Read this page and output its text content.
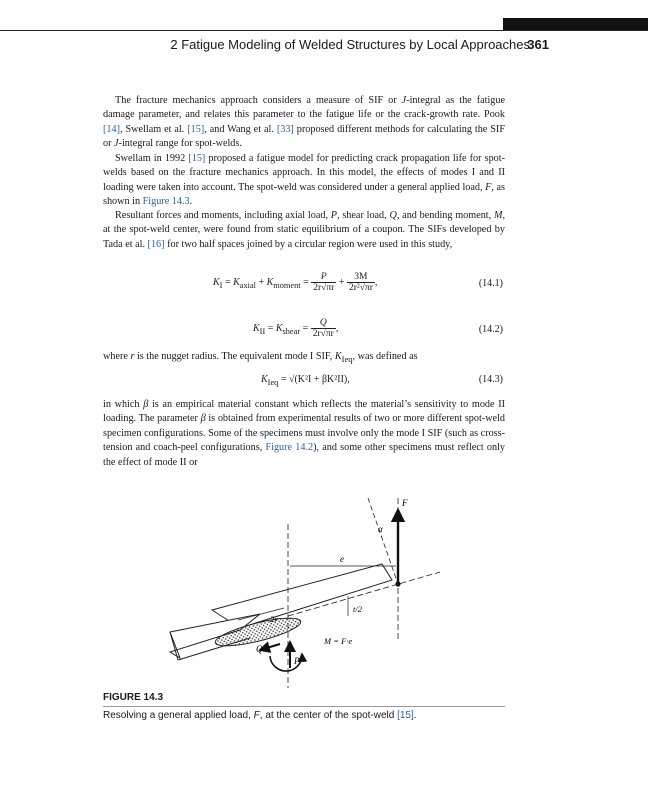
2 Fatigue Modeling of Welded Structures by Local Approaches
361

The fracture mechanics approach considers a measure of SIF or J-integral as the fatigue damage parameter, and relates this parameter to the fatigue life or the crack-growth rate. Pook [14], Swellam et al. [15], and Wang et al. [33] proposed different methods for calculating the SIF or J-integral range for spot-welds.

Swellam in 1992 [15] proposed a fatigue model for predicting crack propagation life for spot-welds based on the fracture mechanics approach. In this model, the effects of modes I and II loading were taken into account. The spot-weld was considered under a general applied load, F, as shown in Figure 14.3.

Resultant forces and moments, including axial load, P, shear load, Q, and bending moment, M, at the spot-weld center, were found from static equilibrium of a coupon. The SIFs developed by Tada et al. [16] for two half spaces joined by a circular region were used in this study,

$K_I = K_{axial} + K_{moment} = \frac{P}{2r√\pi r} + \frac{3M}{\text{2r²√πr}}$ ,	(14.1)
$K_{II} = K_{shear} = \frac{Q}{2r√\pi r}$ ,	(14.2)

where r is the nugget radius. The equivalent mode I SIF, $K_{Ieq}$, was defined as

$K_{Ieq} = √(K^2I + \beta K^2II)$,	(14.3)

in which β is an empirical material constant which reflects the material’s sensitivity to mode II loading. The parameter β is obtained from experimental results of two or more different spot-weld specimen configurations. Some of the specimens must involve only the mode I SIF (such as cross-tension and coach-peel configurations, Figure 14.2), and some other specimens must reflect only the effect of mode II or

F
α
e
t/2
2r
M = F·e
Q
P
FIGURE 14.3
Resolving a general applied load, F, at the center of the spot-weld [15].
